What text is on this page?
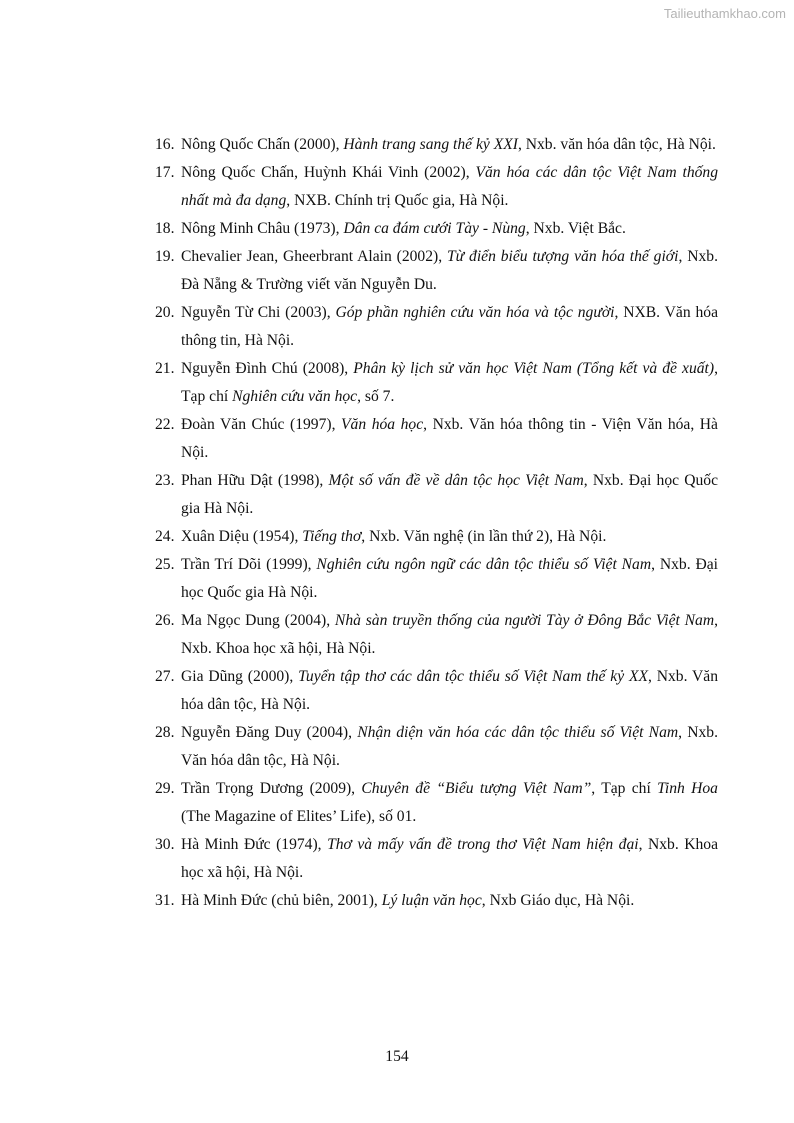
Tailieuthamkhao.com
16. Nông Quốc Chấn (2000), Hành trang sang thế kỷ XXI, Nxb. văn hóa dân tộc, Hà Nội.
17. Nông Quốc Chấn, Huỳnh Khái Vinh (2002), Văn hóa các dân tộc Việt Nam thống nhất mà đa dạng, NXB. Chính trị Quốc gia, Hà Nội.
18. Nông Minh Châu (1973), Dân ca đám cưới Tày - Nùng, Nxb. Việt Bắc.
19. Chevalier Jean, Gheerbrant Alain (2002), Từ điển biểu tượng văn hóa thế giới, Nxb. Đà Nẵng & Trường viết văn Nguyễn Du.
20. Nguyễn Từ Chi (2003), Góp phần nghiên cứu văn hóa và tộc người, NXB. Văn hóa thông tin, Hà Nội.
21. Nguyễn Đình Chú (2008), Phân kỳ lịch sử văn học Việt Nam (Tổng kết và đề xuất), Tạp chí Nghiên cứu văn học, số 7.
22. Đoàn Văn Chúc (1997), Văn hóa học, Nxb. Văn hóa thông tin - Viện Văn hóa, Hà Nội.
23. Phan Hữu Dật (1998), Một số vấn đề về dân tộc học Việt Nam, Nxb. Đại học Quốc gia Hà Nội.
24. Xuân Diệu (1954), Tiếng thơ, Nxb. Văn nghệ (in lần thứ 2), Hà Nội.
25. Trần Trí Dõi (1999), Nghiên cứu ngôn ngữ các dân tộc thiểu số Việt Nam, Nxb. Đại học Quốc gia Hà Nội.
26. Ma Ngọc Dung (2004), Nhà sàn truyền thống của người Tày ở Đông Bắc Việt Nam, Nxb. Khoa học xã hội, Hà Nội.
27. Gia Dũng (2000), Tuyển tập thơ các dân tộc thiểu số Việt Nam thế kỷ XX, Nxb. Văn hóa dân tộc, Hà Nội.
28. Nguyễn Đăng Duy (2004), Nhận diện văn hóa các dân tộc thiểu số Việt Nam, Nxb. Văn hóa dân tộc, Hà Nội.
29. Trần Trọng Dương (2009), Chuyên đề “Biểu tượng Việt Nam”, Tạp chí Tinh Hoa (The Magazine of Elites’ Life), số 01.
30. Hà Minh Đức (1974), Thơ và mấy vấn đề trong thơ Việt Nam hiện đại, Nxb. Khoa học xã hội, Hà Nội.
31. Hà Minh Đức (chủ biên, 2001), Lý luận văn học, Nxb Giáo dục, Hà Nội.
154
